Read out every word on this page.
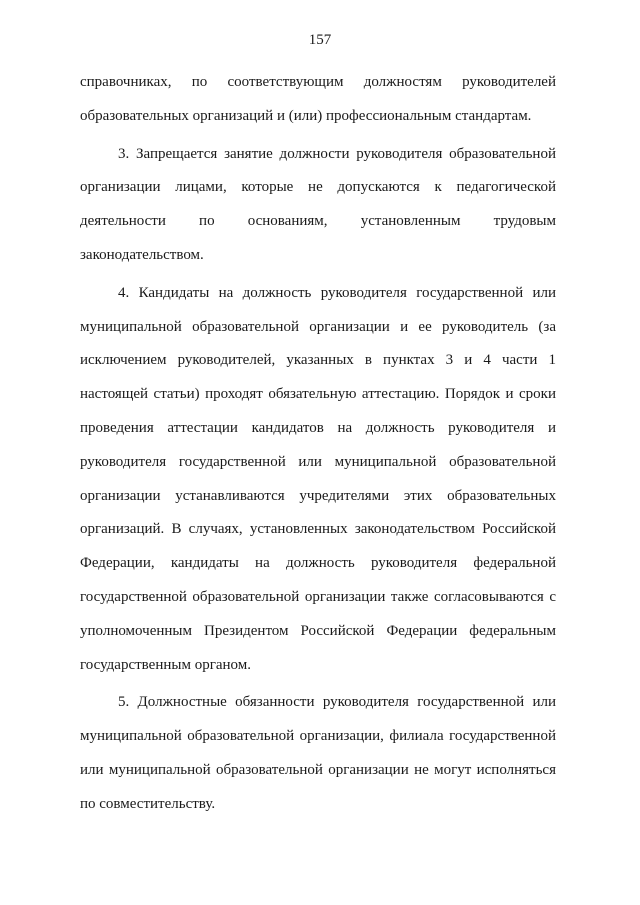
157
справочниках, по соответствующим должностям руководителей
образовательных организаций и (или) профессиональным стандартам.
3. Запрещается занятие должности руководителя образовательной
организации лицами, которые не допускаются к педагогической
деятельности по основаниям, установленным трудовым
законодательством.
4. Кандидаты на должность руководителя государственной или
муниципальной образовательной организации и ее руководитель (за
исключением руководителей, указанных в пунктах 3 и 4 части 1
настоящей статьи) проходят обязательную аттестацию. Порядок и сроки
проведения аттестации кандидатов на должность руководителя и
руководителя государственной или муниципальной образовательной
организации устанавливаются учредителями этих образовательных
организаций. В случаях, установленных законодательством Российской
Федерации, кандидаты на должность руководителя федеральной
государственной образовательной организации также согласовываются с
уполномоченным Президентом Российской Федерации федеральным
государственным органом.
5. Должностные обязанности руководителя государственной или
муниципальной образовательной организации, филиала государственной
или муниципальной образовательной организации не могут исполняться
по совместительству.
